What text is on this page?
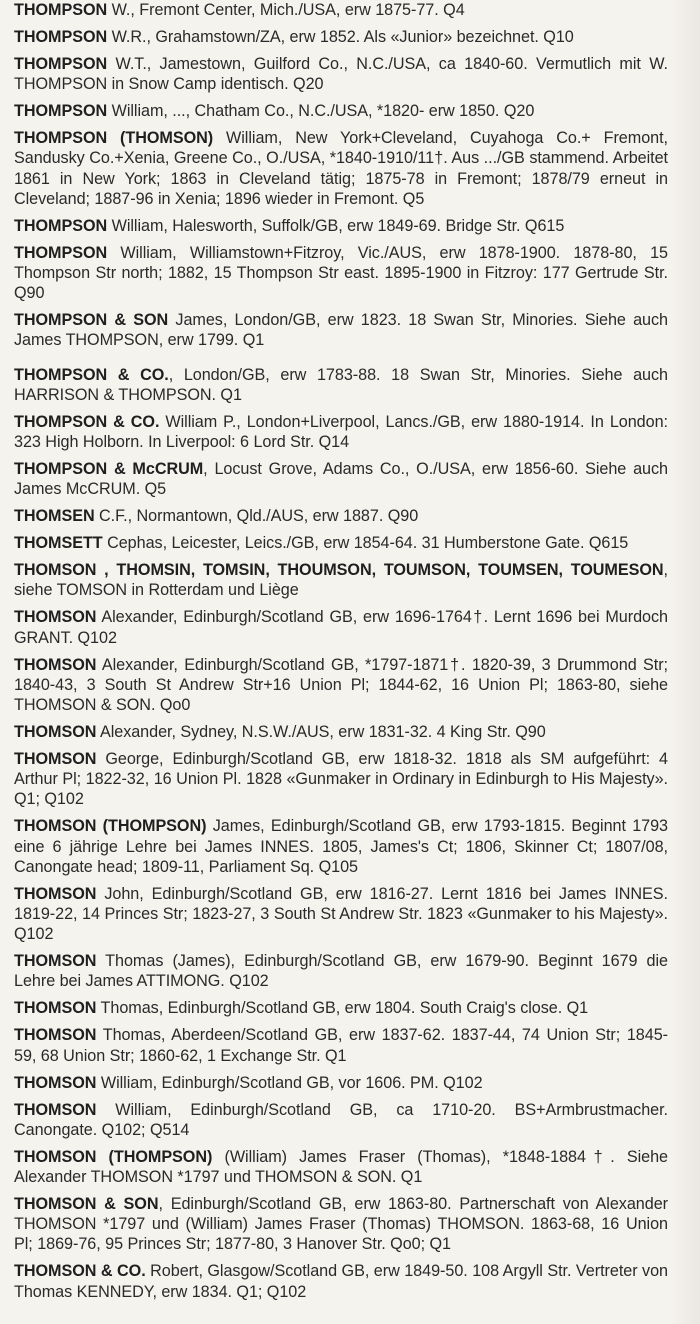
THOMPSON W., Fremont Center, Mich./USA, erw 1875-77. Q4

THOMPSON W.R., Grahamstown/ZA, erw 1852. Als «Junior» bezeichnet. Q10

THOMPSON W.T., Jamestown, Guilford Co., N.C./USA, ca 1840-60. Vermutlich mit W. THOMPSON in Snow Camp identisch. Q20

THOMPSON William, ..., Chatham Co., N.C./USA, *1820- erw 1850. Q20

THOMPSON (THOMSON) William, New York+Cleveland, Cuyahoga Co.+ Fremont, Sandusky Co.+Xenia, Greene Co., O./USA, *1840-1910/11†. Aus .../GB stammend. Arbeitet 1861 in New York; 1863 in Cleveland tätig; 1875-78 in Fremont; 1878/79 erneut in Cleveland; 1887-96 in Xenia; 1896 wieder in Fremont. Q5

THOMPSON William, Halesworth, Suffolk/GB, erw 1849-69. Bridge Str. Q615

THOMPSON William, Williamstown+Fitzroy, Vic./AUS, erw 1878-1900. 1878-80, 15 Thompson Str north; 1882, 15 Thompson Str east. 1895-1900 in Fitzroy: 177 Gertrude Str. Q90

THOMPSON & SON James, London/GB, erw 1823. 18 Swan Str, Minories. Siehe auch James THOMPSON, erw 1799. Q1

THOMPSON & CO., London/GB, erw 1783-88. 18 Swan Str, Minories. Siehe auch HARRISON & THOMPSON. Q1

THOMPSON & CO. William P., London+Liverpool, Lancs./GB, erw 1880-1914. In London: 323 High Holborn. In Liverpool: 6 Lord Str. Q14

THOMPSON & McCRUM, Locust Grove, Adams Co., O./USA, erw 1856-60. Siehe auch James McCRUM. Q5

THOMSEN C.F., Normantown, Qld./AUS, erw 1887. Q90

THOMSETT Cephas, Leicester, Leics./GB, erw 1854-64. 31 Humberstone Gate. Q615

THOMSON , THOMSIN, TOMSIN, THOUMSON, TOUMSON, TOUMSEN, TOUMESON, siehe TOMSON in Rotterdam und Liège

THOMSON Alexander, Edinburgh/Scotland GB, erw 1696-1764†. Lernt 1696 bei Murdoch GRANT. Q102

THOMSON Alexander, Edinburgh/Scotland GB, *1797-1871†. 1820-39, 3 Drummond Str; 1840-43, 3 South St Andrew Str+16 Union Pl; 1844-62, 16 Union Pl; 1863-80, siehe THOMSON & SON. Qo0

THOMSON Alexander, Sydney, N.S.W./AUS, erw 1831-32. 4 King Str. Q90

THOMSON George, Edinburgh/Scotland GB, erw 1818-32. 1818 als SM aufgeführt: 4 Arthur Pl; 1822-32, 16 Union Pl. 1828 «Gunmaker in Ordinary in Edinburgh to His Majesty». Q1; Q102

THOMSON (THOMPSON) James, Edinburgh/Scotland GB, erw 1793-1815. Beginnt 1793 eine 6 jährige Lehre bei James INNES. 1805, James's Ct; 1806, Skinner Ct; 1807/08, Canongate head; 1809-11, Parliament Sq. Q105

THOMSON John, Edinburgh/Scotland GB, erw 1816-27. Lernt 1816 bei James INNES. 1819-22, 14 Princes Str; 1823-27, 3 South St Andrew Str. 1823 «Gunmaker to his Majesty». Q102

THOMSON Thomas (James), Edinburgh/Scotland GB, erw 1679-90. Beginnt 1679 die Lehre bei James ATTIMONG. Q102

THOMSON Thomas, Edinburgh/Scotland GB, erw 1804. South Craig's close. Q1

THOMSON Thomas, Aberdeen/Scotland GB, erw 1837-62. 1837-44, 74 Union Str; 1845-59, 68 Union Str; 1860-62, 1 Exchange Str. Q1

THOMSON William, Edinburgh/Scotland GB, vor 1606. PM. Q102

THOMSON William, Edinburgh/Scotland GB, ca 1710-20. BS+Armbrustmacher. Canongate. Q102; Q514

THOMSON (THOMPSON) (William) James Fraser (Thomas), *1848-1884†. Siehe Alexander THOMSON *1797 und THOMSON & SON. Q1

THOMSON & SON, Edinburgh/Scotland GB, erw 1863-80. Partnerschaft von Alexander THOMSON *1797 und (William) James Fraser (Thomas) THOMSON. 1863-68, 16 Union Pl; 1869-76, 95 Princes Str; 1877-80, 3 Hanover Str. Qo0; Q1

THOMSON & CO. Robert, Glasgow/Scotland GB, erw 1849-50. 108 Argyll Str. Vertreter von Thomas KENNEDY, erw 1834. Q1; Q102
